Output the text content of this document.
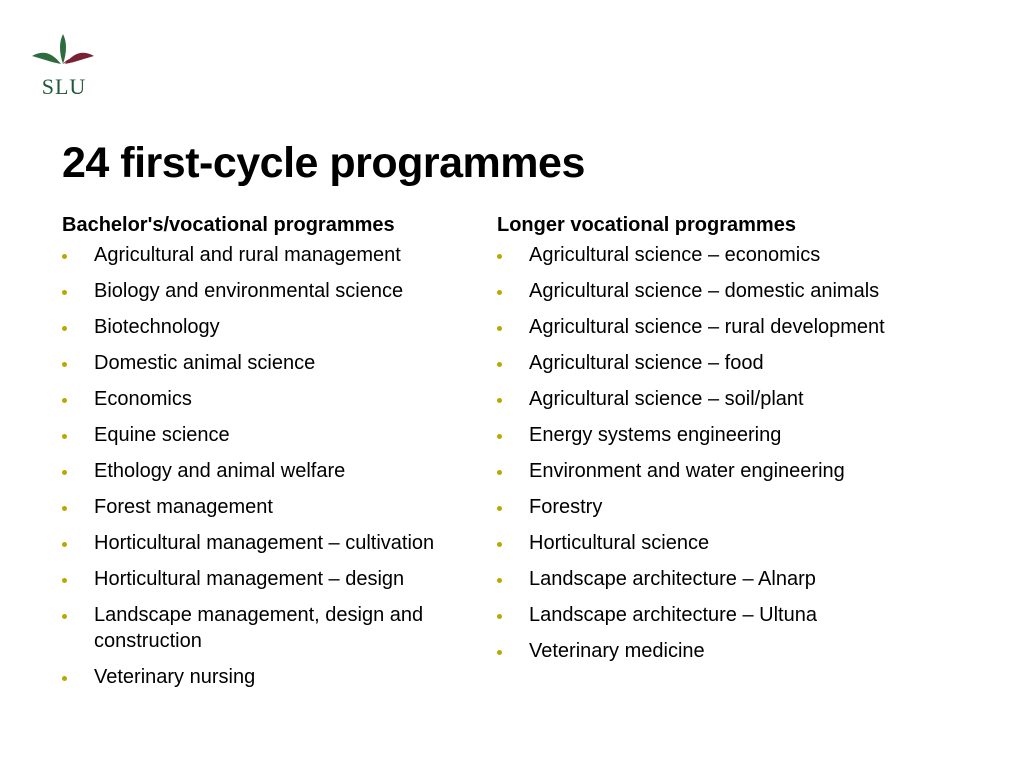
SLU
24 first-cycle programmes
Bachelor's/vocational programmes
Agricultural and rural management
Biology and environmental science
Biotechnology
Domestic animal science
Economics
Equine science
Ethology and animal welfare
Forest management
Horticultural management – cultivation
Horticultural management – design
Landscape management, design and construction
Veterinary nursing
Longer vocational programmes
Agricultural science – economics
Agricultural science – domestic animals
Agricultural science – rural development
Agricultural science – food
Agricultural science – soil/plant
Energy systems engineering
Environment and water engineering
Forestry
Horticultural science
Landscape architecture – Alnarp
Landscape architecture – Ultuna
Veterinary medicine
